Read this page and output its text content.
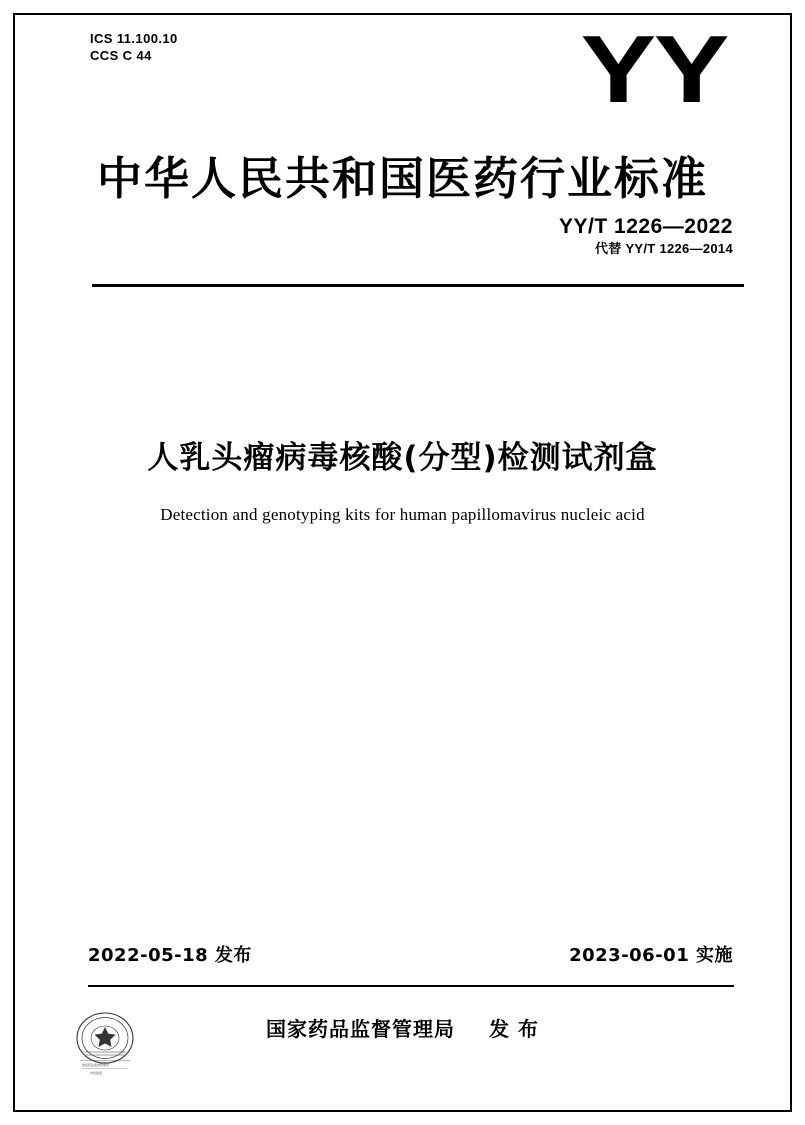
ICS 11.100.10
CCS C 44	YY
中华人民共和国医药行业标准
YY/T 1226—2022
代替 YY/T 1226—2014
人乳头瘤病毒核酸(分型)检测试剂盒
Detection and genotyping kits for human papillomavirus nucleic acid
2022-05-18 发布	2023-06-01 实施
国家药品监督管理局 发 布
国家药品监督管理局
市场监管
